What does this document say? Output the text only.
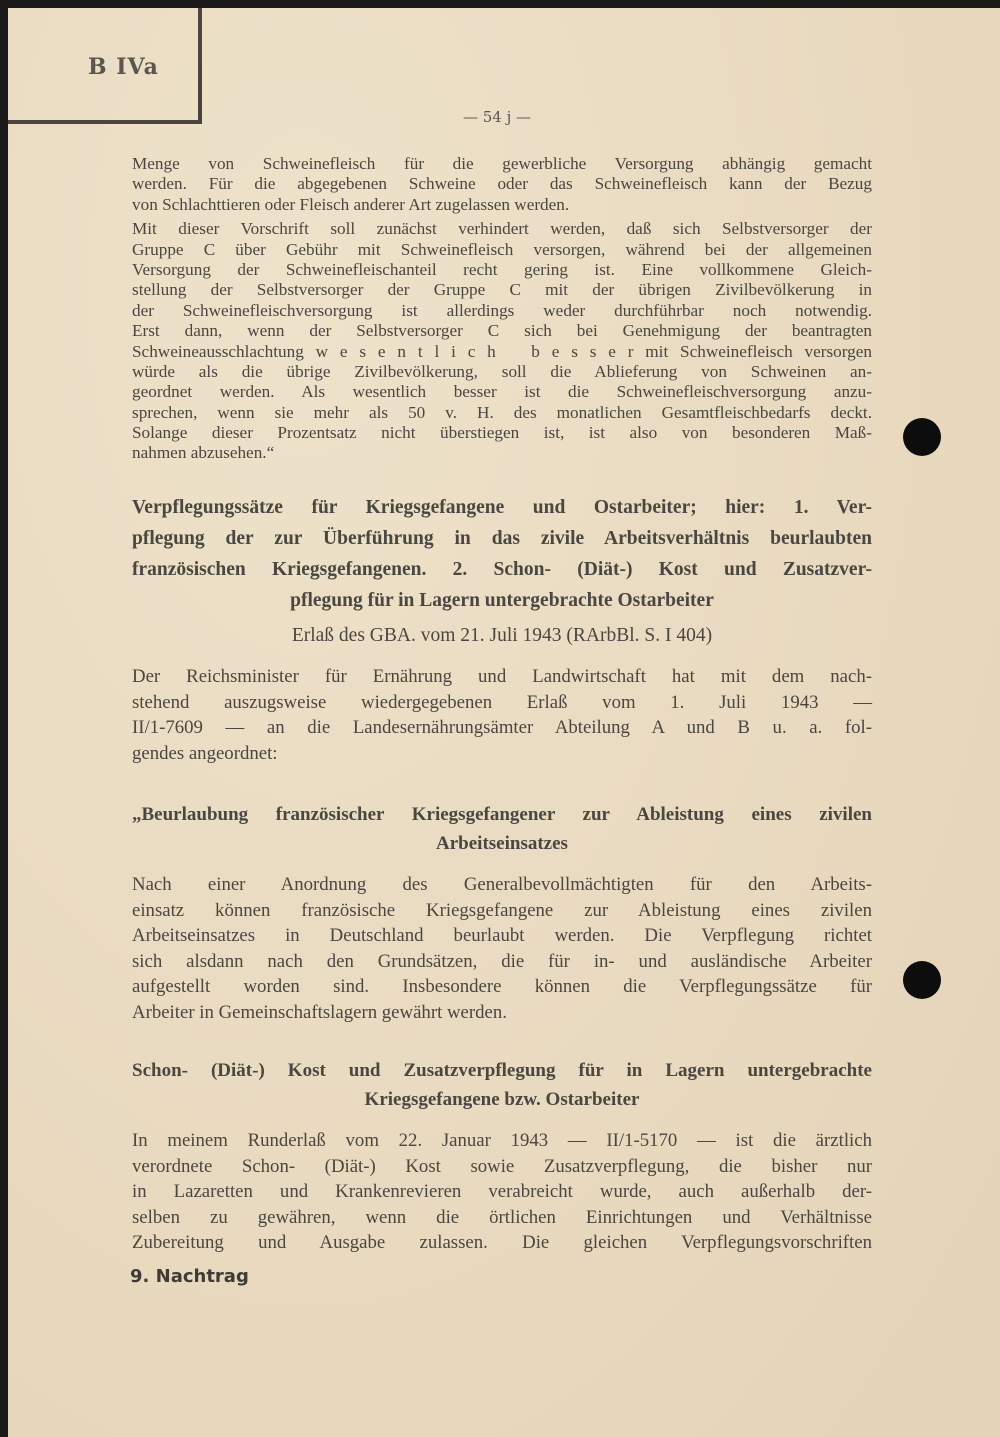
B IVa
— 54 j —
Menge von Schweinefleisch für die gewerbliche Versorgung abhängig gemacht
werden. Für die abgegebenen Schweine oder das Schweinefleisch kann der Bezug
von Schlachttieren oder Fleisch anderer Art zugelassen werden.
Mit dieser Vorschrift soll zunächst verhindert werden, daß sich Selbstversorger der
Gruppe C über Gebühr mit Schweinefleisch versorgen, während bei der allgemeinen
Versorgung der Schweinefleischanteil recht gering ist. Eine vollkommene Gleich-
stellung der Selbstversorger der Gruppe C mit der übrigen Zivilbevölkerung in
der Schweinefleischversorgung ist allerdings weder durchführbar noch notwendig.
Erst dann, wenn der Selbstversorger C sich bei Genehmigung der beantragten
Schweineausschlachtung w e s e n t l i c h   b e s s e r mit Schweinefleisch versorgen
würde als die übrige Zivilbevölkerung, soll die Ablieferung von Schweinen an-
geordnet werden. Als wesentlich besser ist die Schweinefleischversorgung anzu-
sprechen, wenn sie mehr als 50 v. H. des monatlichen Gesamtfleischbedarfs deckt.
Solange dieser Prozentsatz nicht überstiegen ist, ist also von besonderen Maß-
nahmen abzusehen.“
Verpflegungssätze für Kriegsgefangene und Ostarbeiter; hier: 1. Ver-
pflegung der zur Überführung in das zivile Arbeitsverhältnis beurlaubten
französischen Kriegsgefangenen. 2. Schon- (Diät-) Kost und Zusatzver-
pflegung für in Lagern untergebrachte Ostarbeiter
Erlaß des GBA. vom 21. Juli 1943 (RArbBl. S. I 404)
Der Reichsminister für Ernährung und Landwirtschaft hat mit dem nach-
stehend auszugsweise wiedergegebenen Erlaß vom 1. Juli 1943 —
II/1-7609 — an die Landesernährungsämter Abteilung A und B u. a. fol-
gendes angeordnet:
„Beurlaubung französischer Kriegsgefangener zur Ableistung eines zivilen
Arbeitseinsatzes
Nach einer Anordnung des Generalbevollmächtigten für den Arbeits-
einsatz können französische Kriegsgefangene zur Ableistung eines zivilen
Arbeitseinsatzes in Deutschland beurlaubt werden. Die Verpflegung richtet
sich alsdann nach den Grundsätzen, die für in- und ausländische Arbeiter
aufgestellt worden sind. Insbesondere können die Verpflegungssätze für
Arbeiter in Gemeinschaftslagern gewährt werden.
Schon- (Diät-) Kost und Zusatzverpflegung für in Lagern untergebrachte
Kriegsgefangene bzw. Ostarbeiter
In meinem Runderlaß vom 22. Januar 1943 — II/1-5170 — ist die ärztlich
verordnete Schon- (Diät-) Kost sowie Zusatzverpflegung, die bisher nur
in Lazaretten und Krankenrevieren verabreicht wurde, auch außerhalb der-
selben zu gewähren, wenn die örtlichen Einrichtungen und Verhältnisse
Zubereitung und Ausgabe zulassen. Die gleichen Verpflegungsvorschriften
9. Nachtrag
